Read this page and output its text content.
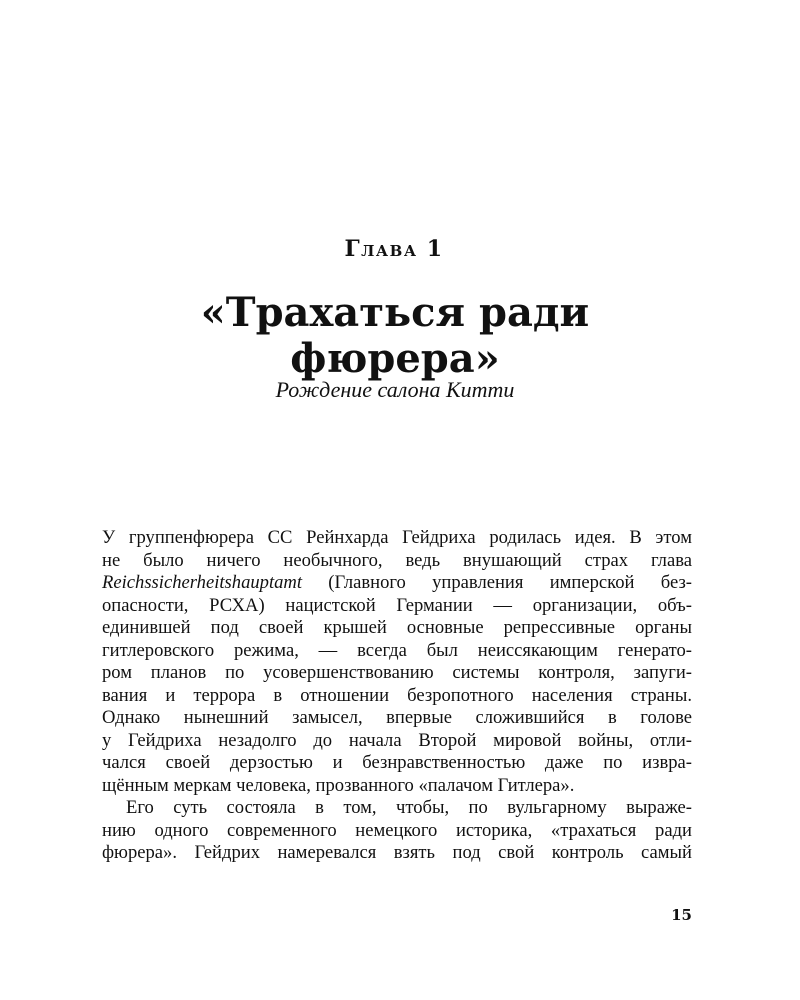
Глава 1
«Трахаться ради
фюрера»
Рождение салона Китти
У группенфюрера СС Рейнхарда Гейдриха родилась идея. В этом
не было ничего необычного, ведь внушающий страх глава
Reichssicherheitshauptamt (Главного управления имперской без-
опасности, РСХА) нацистской Германии — организации, объ-
единившей под своей крышей основные репрессивные органы
гитлеровского режима, — всегда был неиссякающим генерато-
ром планов по усовершенствованию системы контроля, запуги-
вания и террора в отношении безропотного населения страны.
Однако нынешний замысел, впервые сложившийся в голове
у Гейдриха незадолго до начала Второй мировой войны, отли-
чался своей дерзостью и безнравственностью даже по извра-
щённым меркам человека, прозванного «палачом Гитлера».
Его суть состояла в том, чтобы, по вульгарному выраже-
нию одного современного немецкого историка, «трахаться ради
фюрера». Гейдрих намеревался взять под свой контроль самый
15
